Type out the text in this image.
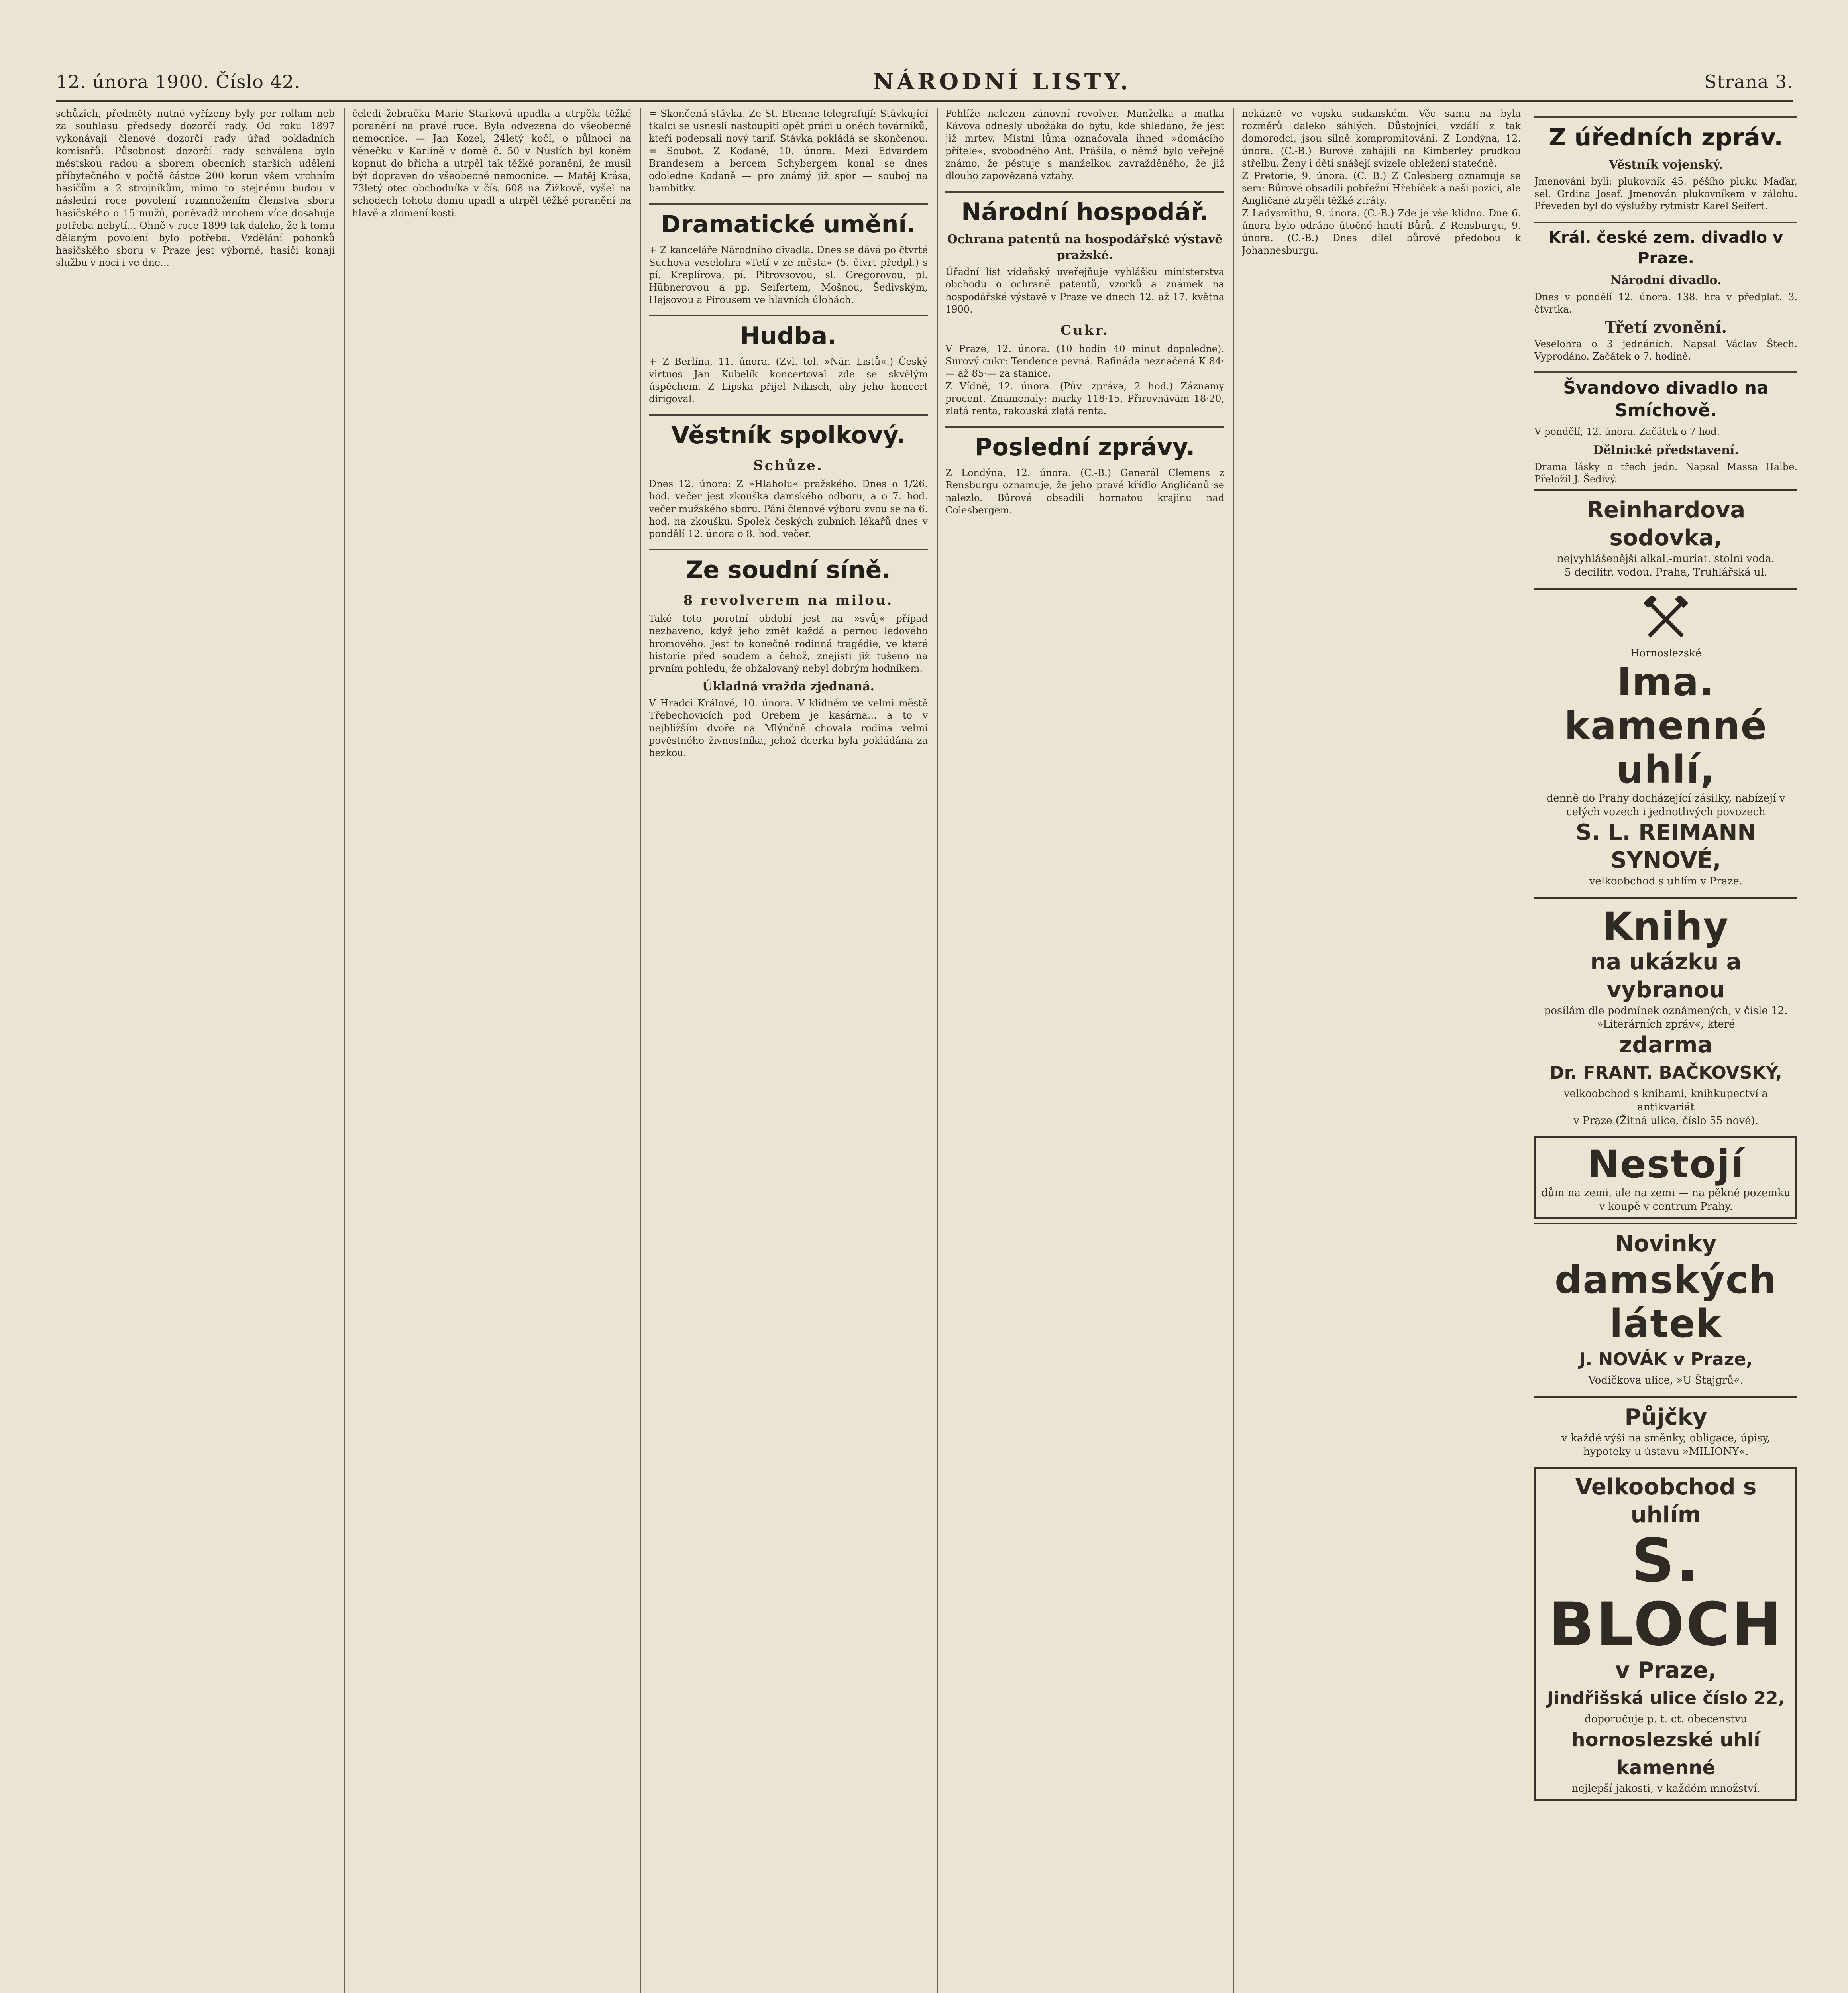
12. února 1900. Číslo 42.	NÁRODNÍ LISTY.	Strana 3.
schůzích, předměty nutné vyřízeny byly per rollam neb za souhlasu předsedy dozorčí rady. Od roku 1897 vykonávají členové dozorčí rady úřad pokladních komisařů. Působnost dozorčí rady schválena bylo městskou radou a sborem obecních starších udělení příbytečného v počtě částce 200 korun všem vrchním hasičům a 2 strojníkům, mimo to stejnému budou v následní roce povolení rozmnožením členstva sboru hasičského o 15 mužů, poněvadž mnohem více dosahuje potřeba nebytí... Ohně v roce 1899 tak daleko, že k tomu dělaným povolení bylo potřeba. Vzdělání pohonků hasičského sboru v Praze jest výborné, hasiči konají službu v noci i ve dne...
čeledi žebračka Marie Starková upadla a utrpěla těžké poranění na pravé ruce. Byla odvezena do všeobecné nemocnice. — Jan Kozel, 24letý kočí, o půlnoci na věnečku v Karlíně v domě č. 50 v Nuslích byl koněm kopnut do břicha a utrpěl tak těžké poranění, že musil být dopraven do všeobecné nemocnice. — Matěj Krása, 73letý otec obchodníka v čís. 608 na Žižkově, vyšel na schodech tohoto domu upadl a utrpěl těžké poranění na hlavě a zlomení kosti.
= Skončená stávka. Ze St. Etienne telegrafují: Stávkující tkalci se usnesli nastoupiti opět práci u onéch továrníků, kteří podepsali nový tarif. Stávka pokládá se skončenou. = Soubot. Z Kodaně, 10. února. Mezi Edvardem Brandesem a bercem Schybergem konal se dnes odoledne Kodaně — pro známý již spor — souboj na bambitky.
Dramatické umění.
+ Z kanceláře Národního divadla. Dnes se dává po čtvrté Suchova veselohra »Tetí v ze města« (5. čtvrt předpl.) s pí. Kreplírova, pí. Pitrovsovou, sl. Gregorovou, pl. Hübnerovou a pp. Seifertem, Mošnou, Šedivským, Hejsovou a Pirousem ve hlavních úlohách.
Hudba.
+ Z Berlína, 11. února. (Zvl. tel. »Nár. Listů«.) Český virtuos Jan Kubelík koncertoval zde se skvělým úspěchem. Z Lipska přijel Nikisch, aby jeho koncert dirigoval.
Věstník spolkový.
Schůze.
Dnes 12. února: Z »Hlaholu« pražského. Dnes o 1/26. hod. večer jest zkouška damského odboru, a o 7. hod. večer mužského sboru. Páni členové výboru zvou se na 6. hod. na zkoušku. Spolek českých zubních lékařů dnes v pondělí 12. února o 8. hod. večer.
Ze soudní síně.
8 revolverem na milou.
Také toto porotní období jest na »svůj« případ nezbaveno, když jeho změt každá a pernou ledového hromového. Jest to konečně rodinná tragédie, ve které historie před soudem a čehož, znejisti již tušeno na prvním pohledu, že obžalovaný nebyl dobrým hodníkem.
Úkladná vražda zjednaná.
V Hradci Králové, 10. února. V klidném ve velmi městě Třebechovicích pod Orebem je kasárna... a to v nejbližším dvoře na Mlýnčně chovala rodina velmi pověstného živnostníka, jehož dcerka byla pokládána za hezkou.
Pohlíže nalezen zánovní revolver. Manželka a matka Kávova odnesly ubožáka do bytu, kde shledáno, že jest již mrtev. Místní lůma označovala ihned »domácího přítele«, svobodného Ant. Prášila, o němž bylo veřejně známo, že pěstuje s manželkou zavražděného, že již dlouho zapovězená vztahy.
Národní hospodář.
Ochrana patentů na hospodářské výstavě pražské.
Úřadní list vídeňský uveřejňuje vyhlášku ministerstva obchodu o ochraně patentů, vzorků a známek na hospodářské výstavě v Praze ve dnech 12. až 17. května 1900.
Cukr.
V Praze, 12. února. (10 hodin 40 minut dopoledne). Surový cukr: Tendence pevná. Rafináda neznačená K 84·— až 85·— za stanice.
Z Vídně, 12. února. (Pův. zpráva, 2 hod.) Záznamy procent. Znamenaly: marky 118·15, Přirovnávám 18·20, zlatá renta, rakouská zlatá renta.
Poslední zprávy.
Z Londýna, 12. února. (C.-B.) Generál Clemens z Rensburgu oznamuje, že jeho pravé křídlo Angličanů se nalezlo. Bůrové obsadili hornatou krajinu nad Colesbergem.
nekázně ve vojsku sudanském. Věc sama na byla rozměrů daleko sáhlých. Důstojníci, vzdálí z tak domorodci, jsou silně kompromitováni. Z Londýna, 12. února. (C.-B.) Burové zahájili na Kimberley prudkou střelbu. Ženy i děti snášejí svízele obležení statečně.
Z Pretorie, 9. února. (C. B.) Z Colesberg oznamuje se sem: Bůrové obsadili pobřežní Hřebíček a naši pozici, ale Angličané ztrpěli těžké ztráty.
Z Ladysmithu, 9. února. (C.-B.) Zde je vše klidno. Dne 6. února bylo odráno útočné hnutí Bůrů. Z Rensburgu, 9. února. (C.-B.) Dnes dílel bůrové předobou k Johannesburgu.
Z úředních zpráv.
Věstník vojenský.
Jmenováni byli: plukovník 45. pěšího pluku Maďar, sel. Grdina Josef. Jmenován plukovníkem v zálohu. Převeden byl do výslužby rytmistr Karel Seifert.
Král. české zem. divadlo v Praze.
Národní divadlo.
Dnes v pondělí 12. února. 138. hra v předplat. 3. čtvrtka.
Třetí zvonění.
Veselohra o 3 jednáních. Napsal Václav Štech. Vyprodáno. Začátek o 7. hodině.
Švandovo divadlo na Smíchově.
V pondělí, 12. února. Začátek o 7 hod.
Dělnické představení.
Drama lásky o třech jedn. Napsal Massa Halbe. Přeložil J. Šedivý.
Reinhardova sodovka,
nejvyhlášenější alkal.-muriat. stolní voda.
5 decilitr. vodou. Praha, Truhlářská ul.
Hornoslezské
Ima. kamenné uhlí,
denně do Prahy docházející zásilky, nabízejí v celých vozech i jednotlivých povozech
S. L. REIMANN SYNOVÉ,
velkoobchod s uhlím v Praze.
Knihy
na ukázku a vybranou
posílám dle podmínek oznámených, v čísle 12. »Literárních zpráv«, které
zdarma
Dr. FRANT. BAČKOVSKÝ,
velkoobchod s knihami, knihkupectví a antikvariát
v Praze (Žitná ulice, číslo 55 nové).
Nestojí
dům na zemi, ale na zemi — na pěkné pozemku v koupě v centrum Prahy.
Novinky
damských látek
J. NOVÁK v Praze,
Vodičkova ulice, »U Štajgrů«.
Půjčky
v každé výši na směnky, obligace, úpisy, hypoteky u ústavu »MILIONY«.
Velkoobchod s uhlím
S. BLOCH
v Praze,
Jindřišská ulice číslo 22,
doporučuje p. t. ct. obecenstvu
hornoslezské uhlí kamenné
nejlepší jakosti, v každém množství.
